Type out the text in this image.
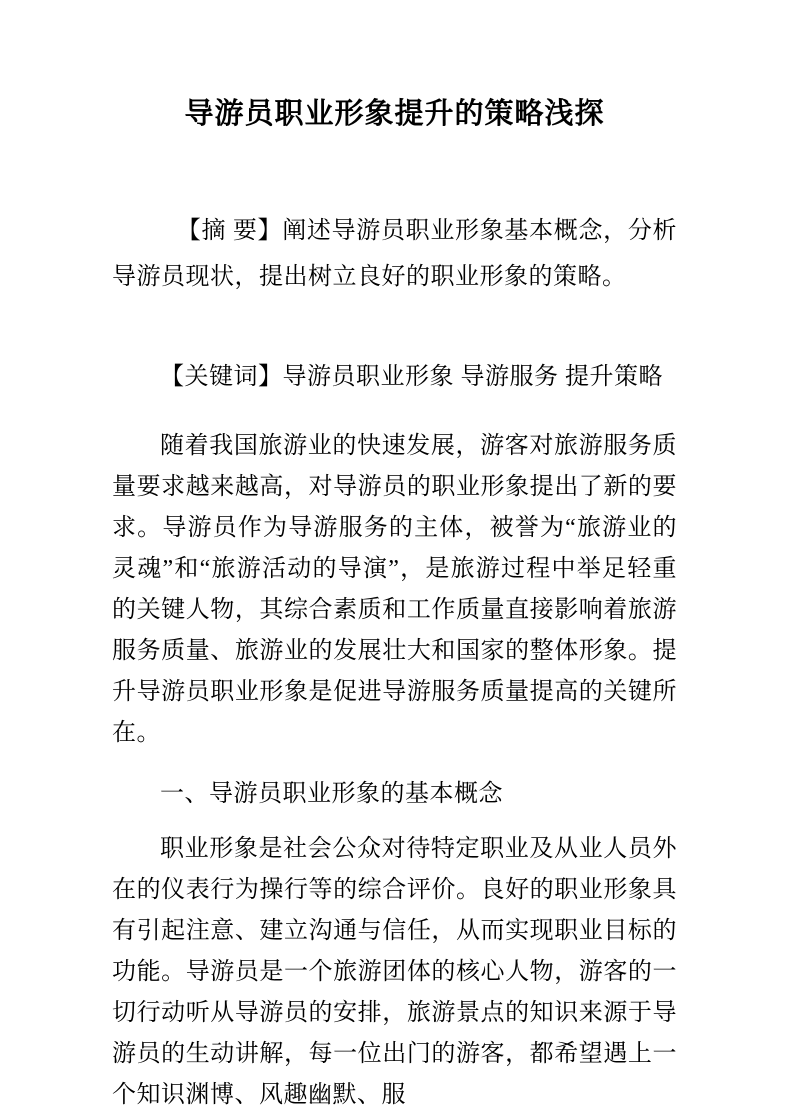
导游员职业形象提升的策略浅探

【摘 要】阐述导游员职业形象基本概念，分析导游员现状，提出树立良好的职业形象的策略。

【关键词】导游员职业形象 导游服务 提升策略

随着我国旅游业的快速发展，游客对旅游服务质量要求越来越高，对导游员的职业形象提出了新的要求。导游员作为导游服务的主体，被誉为“旅游业的灵魂”和“旅游活动的导演”，是旅游过程中举足轻重的关键人物，其综合素质和工作质量直接影响着旅游服务质量、旅游业的发展壮大和国家的整体形象。提升导游员职业形象是促进导游服务质量提高的关键所在。

一、导游员职业形象的基本概念

职业形象是社会公众对待特定职业及从业人员外在的仪表行为操行等的综合评价。良好的职业形象具有引起注意、建立沟通与信任，从而实现职业目标的功能。导游员是一个旅游团体的核心人物，游客的一切行动听从导游员的安排，旅游景点的知识来源于导游员的生动讲解，每一位出门的游客，都希望遇上一个知识渊博、风趣幽默、服
